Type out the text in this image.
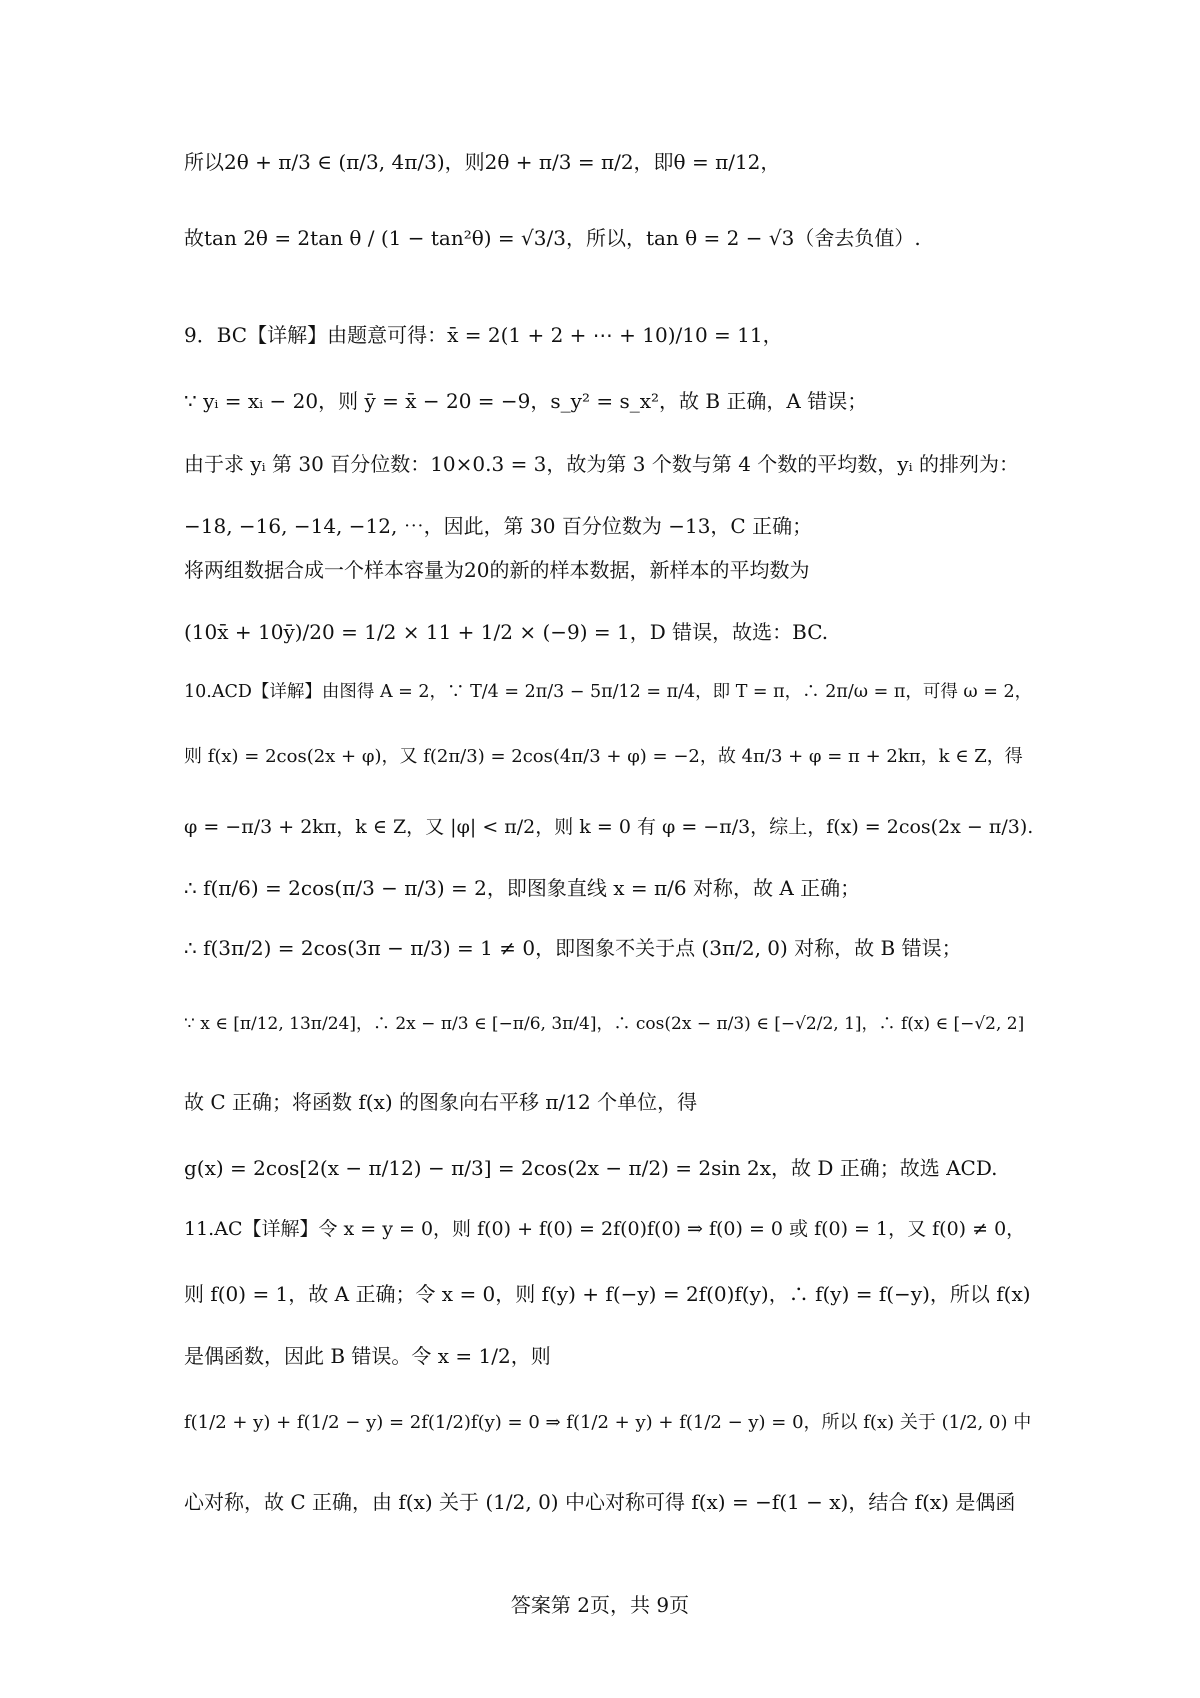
所以2θ + π/3 ∈ (π/3, 4π/3)，则2θ + π/3 = π/2，即θ = π/12，
故tan 2θ = 2tan θ / (1 − tan²θ) = √3/3，所以，tan θ = 2 − √3（舍去负值）.
9．BC【详解】由题意可得：x̄ = 2(1 + 2 + ⋯ + 10)/10 = 11，
∵ yᵢ = xᵢ − 20，则 ȳ = x̄ − 20 = −9，s_y² = s_x²，故 B 正确，A 错误；
由于求 yᵢ 第 30 百分位数：10×0.3 = 3，故为第 3 个数与第 4 个数的平均数，yᵢ 的排列为：
−18, −16, −14, −12, ⋯，因此，第 30 百分位数为 −13，C 正确；
将两组数据合成一个样本容量为20的新的样本数据，新样本的平均数为
(10x̄ + 10ȳ)/20 = 1/2 × 11 + 1/2 × (−9) = 1，D 错误，故选：BC.
10.ACD【详解】由图得 A = 2，∵ T/4 = 2π/3 − 5π/12 = π/4，即 T = π，∴ 2π/ω = π，可得 ω = 2，
则 f(x) = 2cos(2x + φ)，又 f(2π/3) = 2cos(4π/3 + φ) = −2，故 4π/3 + φ = π + 2kπ，k ∈ Z，得
φ = −π/3 + 2kπ，k ∈ Z，又 |φ| < π/2，则 k = 0 有 φ = −π/3，综上，f(x) = 2cos(2x − π/3).
∴ f(π/6) = 2cos(π/3 − π/3) = 2，即图象直线 x = π/6 对称，故 A 正确；
∴ f(3π/2) = 2cos(3π − π/3) = 1 ≠ 0，即图象不关于点 (3π/2, 0) 对称，故 B 错误；
∵ x ∈ [π/12, 13π/24]，∴ 2x − π/3 ∈ [−π/6, 3π/4]，∴ cos(2x − π/3) ∈ [−√2/2, 1]，∴ f(x) ∈ [−√2, 2]
故 C 正确；将函数 f(x) 的图象向右平移 π/12 个单位，得
g(x) = 2cos[2(x − π/12) − π/3] = 2cos(2x − π/2) = 2sin 2x，故 D 正确；故选 ACD.
11.AC【详解】令 x = y = 0，则 f(0) + f(0) = 2f(0)f(0) ⇒ f(0) = 0 或 f(0) = 1，又 f(0) ≠ 0，
则 f(0) = 1，故 A 正确；令 x = 0，则 f(y) + f(−y) = 2f(0)f(y)，∴ f(y) = f(−y)，所以 f(x)
是偶函数，因此 B 错误。令 x = 1/2，则
f(1/2 + y) + f(1/2 − y) = 2f(1/2)f(y) = 0 ⇒ f(1/2 + y) + f(1/2 − y) = 0，所以 f(x) 关于 (1/2, 0) 中
心对称，故 C 正确，由 f(x) 关于 (1/2, 0) 中心对称可得 f(x) = −f(1 − x)，结合 f(x) 是偶函
答案第 2页，共 9页
